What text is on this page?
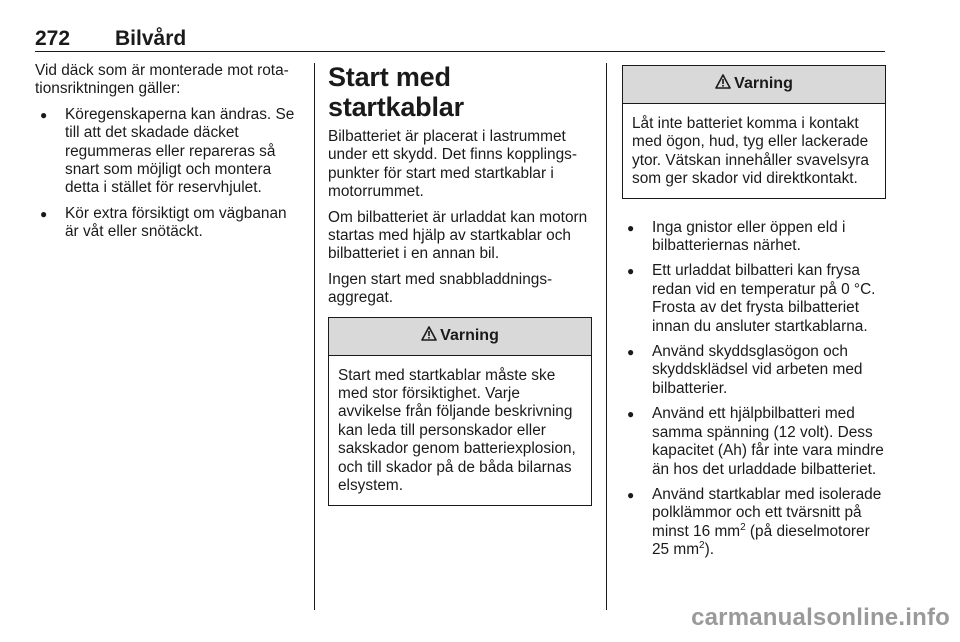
272 Bilvård

Vid däck som är monterade mot rotationsriktningen gäller:

● Köregenskaperna kan ändras. Se till att det skadade däcket regummeras eller repareras så snart som möjligt och montera detta i stället för reservhjulet.
● Kör extra försiktigt om vägbanan är våt eller snötäckt.
Start med startkablar

Bilbatteriet är placerat i lastrummet under ett skydd. Det finns kopplingspunkter för start med startkablar i motorrummet.

Om bilbatteriet är urladdat kan motorn startas med hjälp av startkablar och bilbatteriet i en annan bil.

Ingen start med snabbladdningsaggregat.

Varning
Start med startkablar måste ske med stor försiktighet. Varje avvikelse från följande beskrivning kan leda till personskador eller sakskador genom batteriexplosion, och till skador på de båda bilarnas elsystem.
Varning
Låt inte batteriet komma i kontakt med ögon, hud, tyg eller lackerade ytor. Vätskan innehåller svavelsyra som ger skador vid direktkontakt.
● Inga gnistor eller öppen eld i bilbatteriernas närhet.
● Ett urladdat bilbatteri kan frysa redan vid en temperatur på 0 °C. Frosta av det frysta bilbatteriet innan du ansluter startkablarna.
● Använd skyddsglasögon och skyddsklädsel vid arbeten med bilbatterier.
● Använd ett hjälpbilbatteri med samma spänning (12 volt). Dess kapacitet (Ah) får inte vara mindre än hos det urladdade bilbatteriet.
● Använd startkablar med isolerade polklämmor och ett tvärsnitt på minst 16 $mm^2$ (på dieselmotorer 25 $mm^2$).
carmanualsonline.info
